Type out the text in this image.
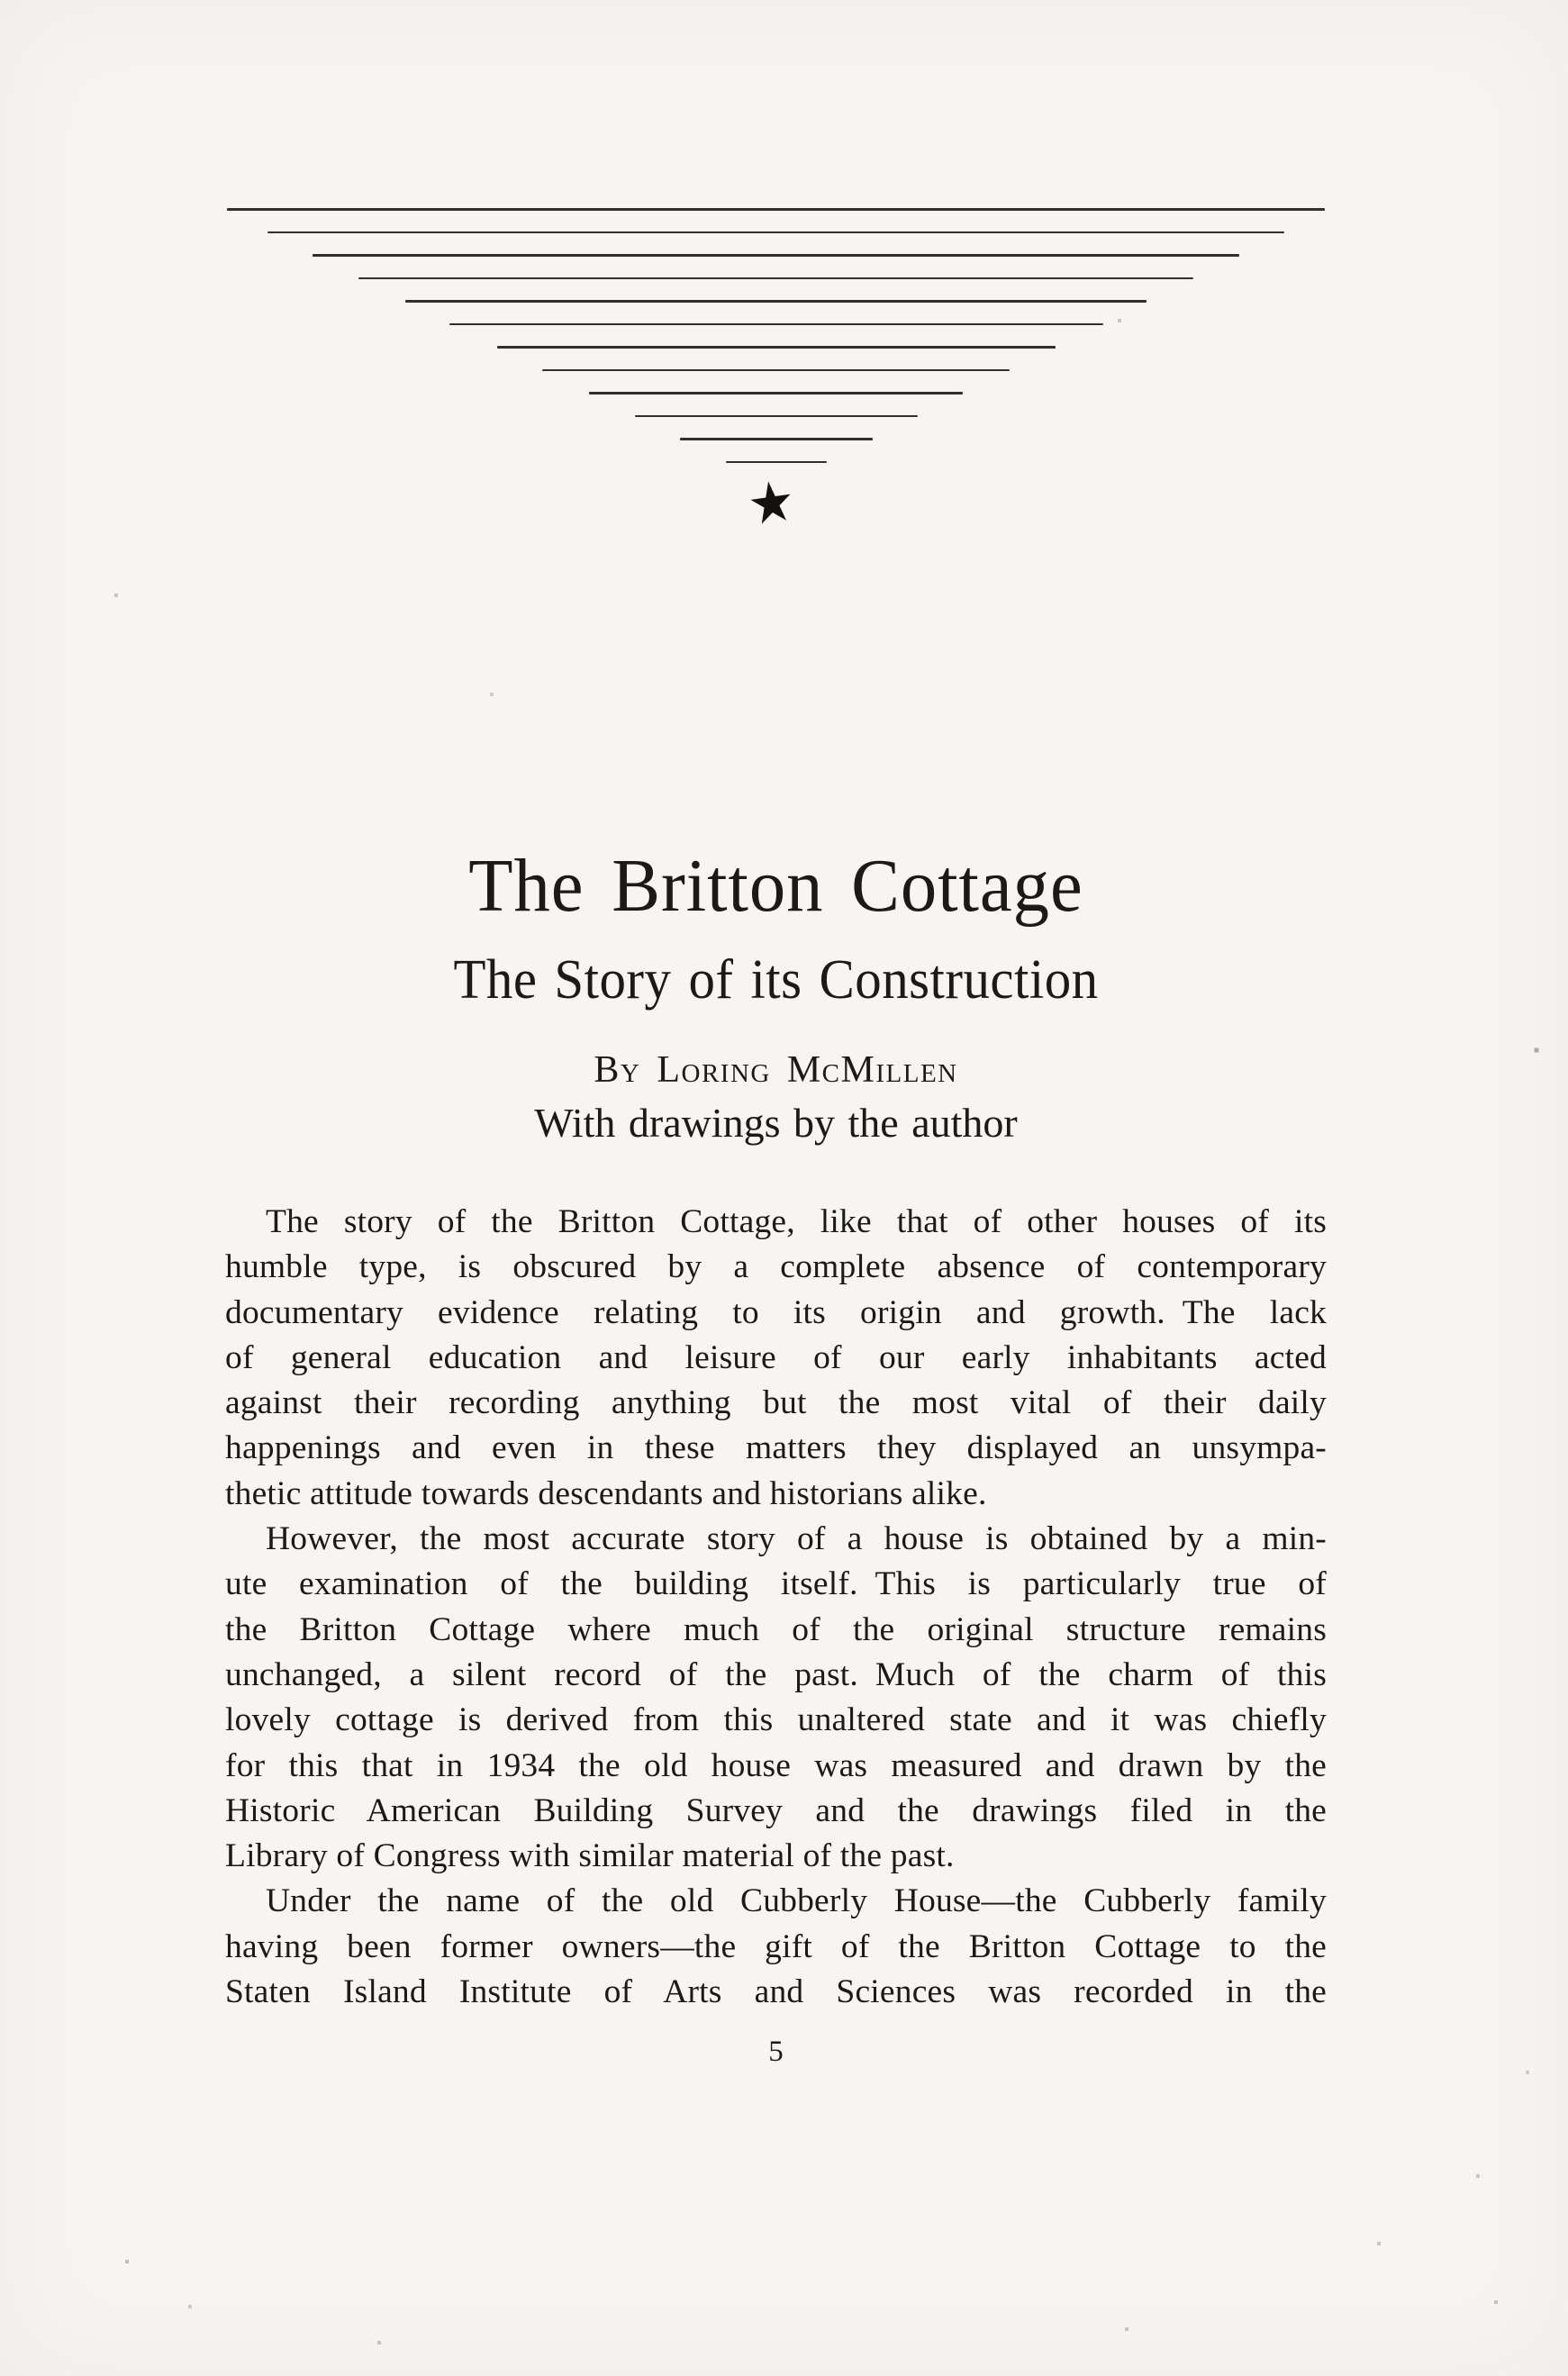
★
The Britton Cottage
The Story of its Construction
By Loring McMillen
With drawings by the author

The story of the Britton Cottage, like that of other houses of its

humble type, is obscured by a complete absence of contemporary

documentary evidence relating to its origin and growth. The lack

of general education and leisure of our early inhabitants acted

against their recording anything but the most vital of their daily

happenings and even in these matters they displayed an unsympa-

thetic attitude towards descendants and historians alike.

However, the most accurate story of a house is obtained by a min-

ute examination of the building itself. This is particularly true of

the Britton Cottage where much of the original structure remains

unchanged, a silent record of the past. Much of the charm of this

lovely cottage is derived from this unaltered state and it was chiefly

for this that in 1934 the old house was measured and drawn by the

Historic American Building Survey and the drawings filed in the

Library of Congress with similar material of the past.

Under the name of the old Cubberly House—the Cubberly family

having been former owners—the gift of the Britton Cottage to the

Staten Island Institute of Arts and Sciences was recorded in the

5
